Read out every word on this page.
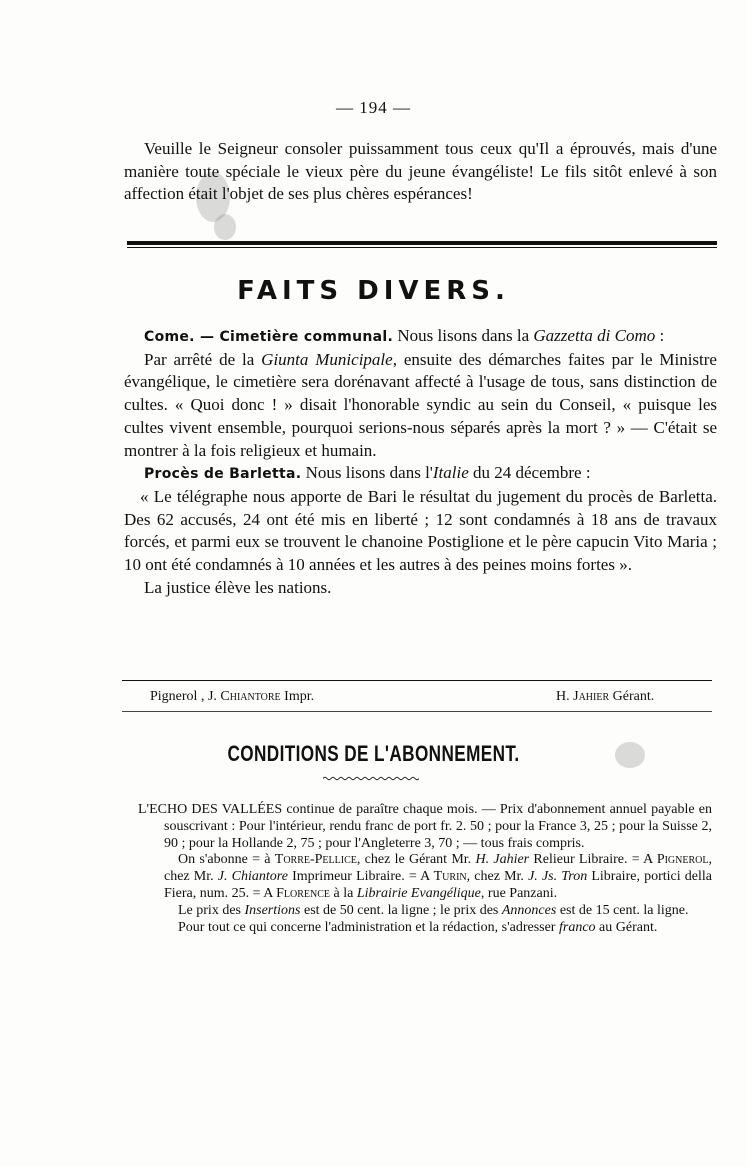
— 194 —

Veuille le Seigneur consoler puissamment tous ceux qu'Il a éprouvés, mais d'une manière toute spéciale le vieux père du jeune évangéliste! Le fils sitôt enlevé à son affection était l'objet de ses plus chères espérances!

FAITS DIVERS.

Come. — Cimetière communal. Nous lisons dans la Gazzetta di Como :

Par arrêté de la Giunta Municipale, ensuite des démarches faites par le Ministre évangélique, le cimetière sera dorénavant affecté à l'usage de tous, sans distinction de cultes. « Quoi donc ! » disait l'honorable syndic au sein du Conseil, « puisque les cultes vivent ensemble, pourquoi serions-nous séparés après la mort ? » — C'était se montrer à la fois religieux et humain.

Procès de Barletta. Nous lisons dans l'Italie du 24 décembre :

« Le télégraphe nous apporte de Bari le résultat du jugement du procès de Barletta. Des 62 accusés, 24 ont été mis en liberté ; 12 sont condamnés à 18 ans de travaux forcés, et parmi eux se trouvent le chanoine Postiglione et le père capucin Vito Maria ; 10 ont été condamnés à 10 années et les autres à des peines moins fortes ».

La justice élève les nations.

Pignerol , J. Chiantore Impr.	H. Jahier Gérant.
CONDITIONS DE L'ABONNEMENT.

L'ECHO DES VALLÉES continue de paraître chaque mois. — Prix d'abonnement annuel payable en souscrivant : Pour l'intérieur, rendu franc de port fr. 2. 50 ; pour la France 3, 25 ; pour la Suisse 2, 90 ; pour la Hollande 2, 75 ; pour l'Angleterre 3, 70 ; — tous frais compris.

On s'abonne = à Torre-Pellice, chez le Gérant Mr. H. Jahier Relieur Libraire. = A Pignerol, chez Mr. J. Chiantore Imprimeur Libraire. = A Turin, chez Mr. J. Js. Tron Libraire, portici della Fiera, num. 25. = A Florence à la Librairie Evangélique, rue Panzani.

Le prix des Insertions est de 50 cent. la ligne ; le prix des Annonces est de 15 cent. la ligne.

Pour tout ce qui concerne l'administration et la rédaction, s'adresser franco au Gérant.
